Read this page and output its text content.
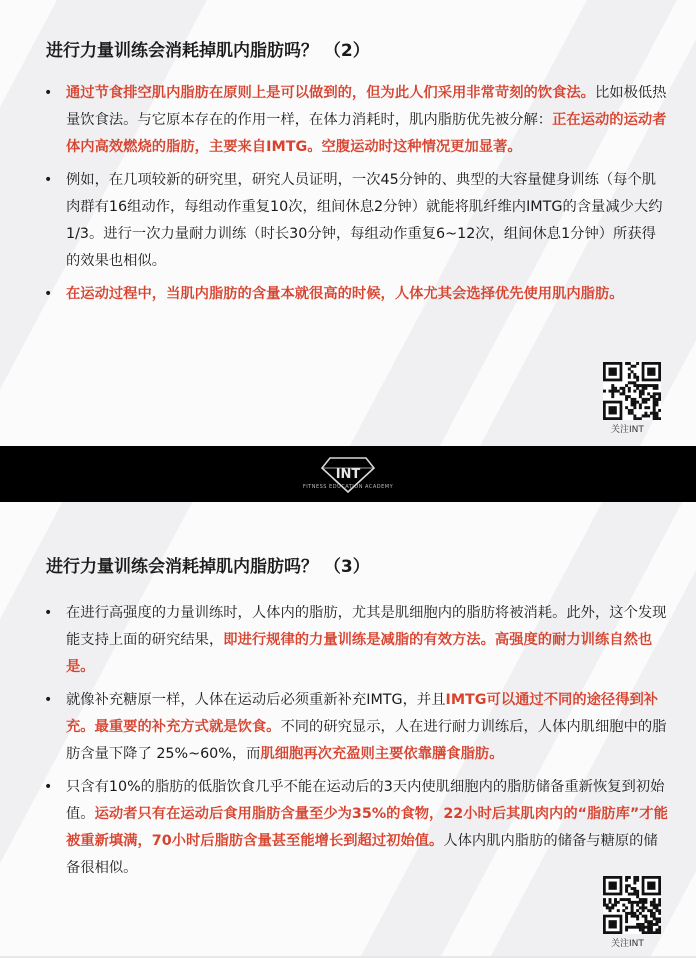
进行力量训练会消耗掉肌内脂肪吗？ （2）
• 通过节食排空肌内脂肪在原则上是可以做到的，但为此人们采用非常苛刻的饮食法。比如极低热量饮食法。与它原本存在的作用一样，在体力消耗时，肌内脂肪优先被分解：正在运动的运动者体内高效燃烧的脂肪，主要来自IMTG。空腹运动时这种情况更加显著。
• 例如，在几项较新的研究里，研究人员证明，一次45分钟的、典型的大容量健身训练（每个肌肉群有16组动作，每组动作重复10次，组间休息2分钟）就能将肌纤维内IMTG的含量减少大约1/3。进行一次力量耐力训练（时长30分钟，每组动作重复6~12次，组间休息1分钟）所获得的效果也相似。
• 在运动过程中，当肌内脂肪的含量本就很高的时候，人体尤其会选择优先使用肌内脂肪。
关注INT
INT
FITNESS EDUCATION ACADEMY
进行力量训练会消耗掉肌内脂肪吗？ （3）
• 在进行高强度的力量训练时，人体内的脂肪，尤其是肌细胞内的脂肪将被消耗。此外，这个发现能支持上面的研究结果，即进行规律的力量训练是减脂的有效方法。高强度的耐力训练自然也是。
• 就像补充糖原一样，人体在运动后必须重新补充IMTG，并且IMTG可以通过不同的途径得到补充。最重要的补充方式就是饮食。不同的研究显示，人在进行耐力训练后，人体内肌细胞中的脂肪含量下降了 25%~60%，而肌细胞再次充盈则主要依靠膳食脂肪。
• 只含有10%的脂肪的低脂饮食几乎不能在运动后的3天内使肌细胞内的脂肪储备重新恢复到初始值。运动者只有在运动后食用脂肪含量至少为35%的食物，22小时后其肌肉内的“脂肪库”才能被重新填满，70小时后脂肪含量甚至能增长到超过初始值。人体内肌内脂肪的储备与糖原的储备很相似。
关注INT
